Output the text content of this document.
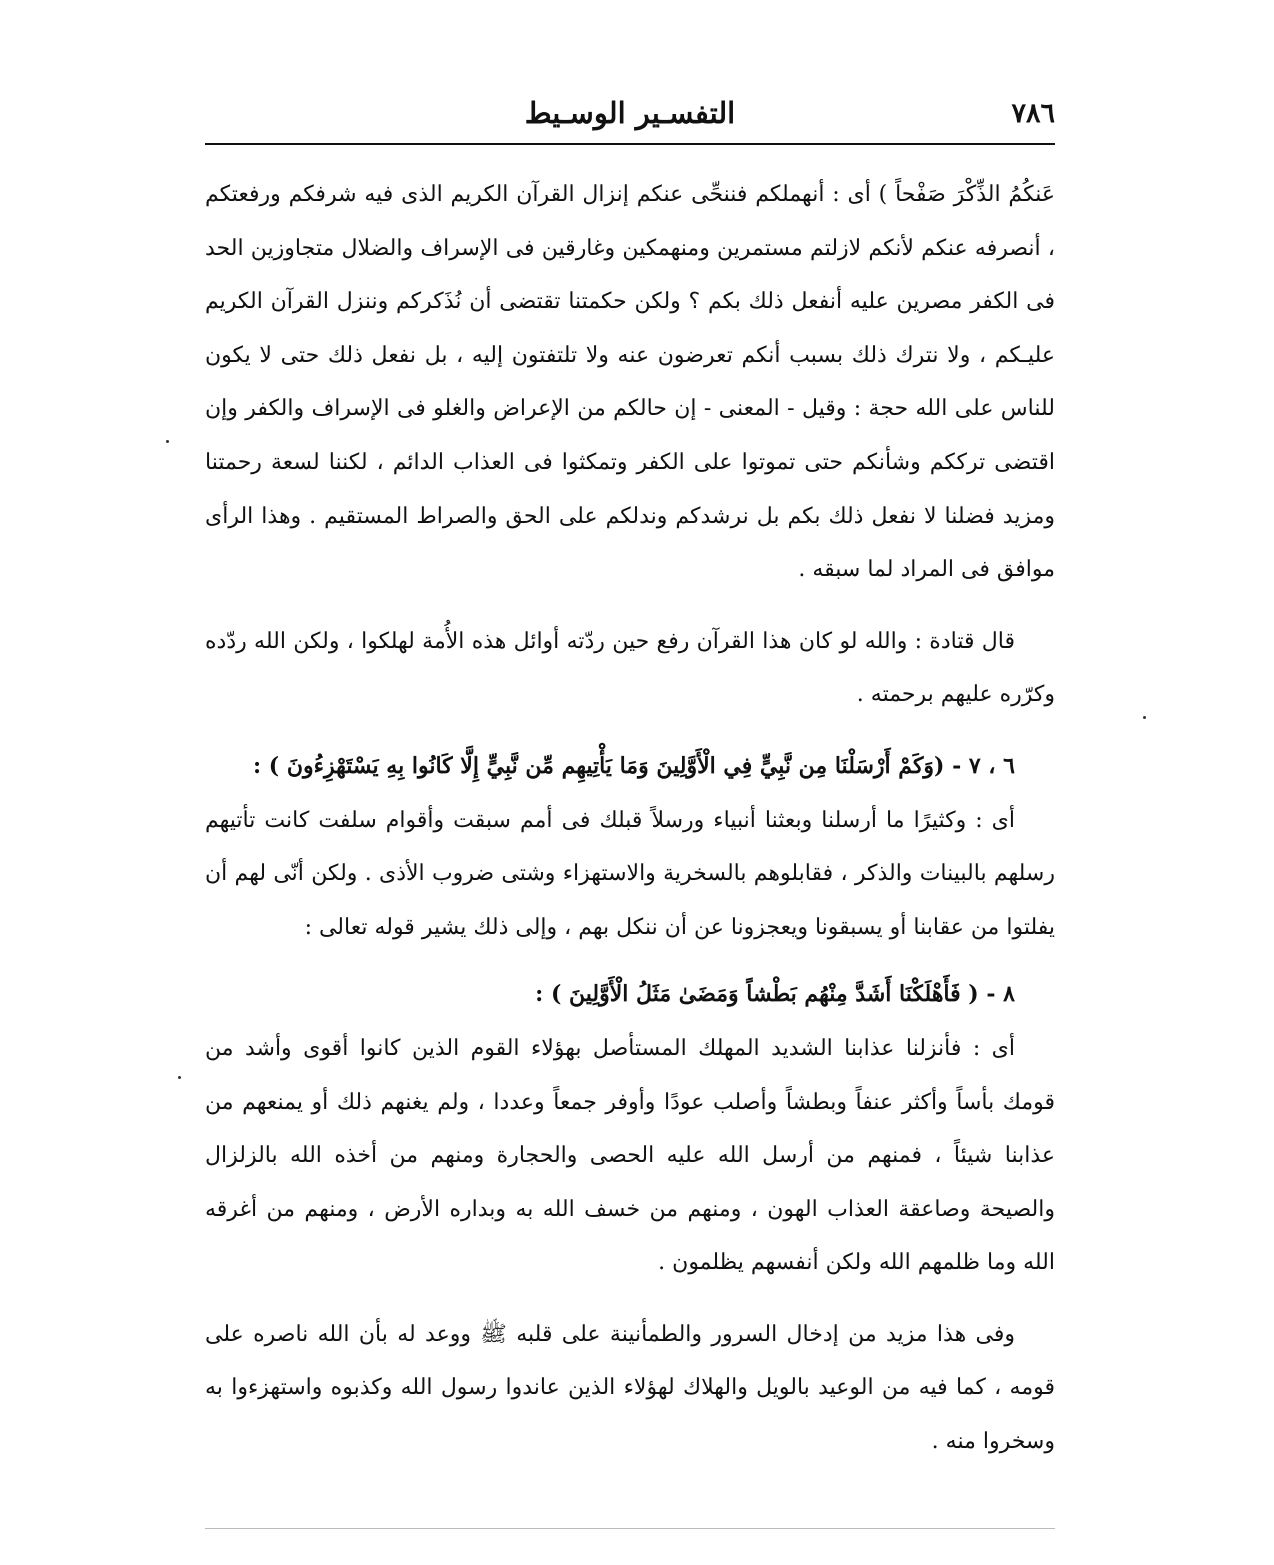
٧٨٦
التفسـير الوسـيط

عَنكُمُ الذِّكْرَ صَفْحاً ) أى : أنهملكم فننحِّى عنكم إنزال القرآن الكريم الذى فيه شرفكم ورفعتكم ، أنصرفه عنكم لأنكم لازلتم مستمرين ومنهمكين وغارقين فى الإسراف والضلال متجاوزين الحد فى الكفر مصرين عليه أنفعل ذلك بكم ؟ ولكن حكمتنا تقتضى أن نُذَكركم وننزل القرآن الكريم عليـكم ، ولا نترك ذلك بسبب أنكم تعرضون عنه ولا تلتفتون إليه ، بل نفعل ذلك حتى لا يكون للناس على الله حجة : وقيل - المعنى - إن حالكم من الإعراض والغلو فى الإسراف والكفر وإن اقتضى ترككم وشأنكم حتى تموتوا على الكفر وتمكثوا فى العذاب الدائم ، لكننا لسعة رحمتنا ومزيد فضلنا لا نفعل ذلك بكم بل نرشدكم وندلكم على الحق والصراط المستقيم . وهذا الرأى موافق فى المراد لما سبقه .

قال قتادة : والله لو كان هذا القرآن رفع حين ردّته أوائل هذه الأُمة لهلكوا ، ولكن الله ردّده وكرّره عليهم برحمته .

٦ ، ٧ - (وَكَمْ أَرْسَلْنَا مِن نَّبِيٍّ فِي الْأَوَّلِينَ وَمَا يَأْتِيهِم مِّن نَّبِيٍّ إِلَّا كَانُوا بِهِ يَسْتَهْزِءُونَ ) :

أى : وكثيرًا ما أرسلنا وبعثنا أنبياء ورسلاً قبلك فى أمم سبقت وأقوام سلفت كانت تأتيهم رسلهم بالبينات والذكر ، فقابلوهم بالسخرية والاستهزاء وشتى ضروب الأذى . ولكن أنّى لهم أن يفلتوا من عقابنا أو يسبقونا ويعجزونا عن أن ننكل بهم ، وإلى ذلك يشير قوله تعالى :

٨ - ( فَأَهْلَكْنَا أَشَدَّ مِنْهُم بَطْشاً وَمَضَىٰ مَثَلُ الْأَوَّلِينَ ) :

أى : فأنزلنا عذابنا الشديد المهلك المستأصل بهؤلاء القوم الذين كانوا أقوى وأشد من قومك بأساً وأكثر عنفاً وبطشاً وأصلب عودًا وأوفر جمعاً وعددا ، ولم يغنهم ذلك أو يمنعهم من عذابنا شيئاً ، فمنهم من أرسل الله عليه الحصى والحجارة ومنهم من أخذه الله بالزلزال والصيحة وصاعقة العذاب الهون ، ومنهم من خسف الله به وبداره الأرض ، ومنهم من أغرقه الله وما ظلمهم الله ولكن أنفسهم يظلمون .

وفى هذا مزيد من إدخال السرور والطمأنينة على قلبه ﷺ ووعد له بأن الله ناصره على قومه ، كما فيه من الوعيد بالويل والهلاك لهؤلاء الذين عاندوا رسول الله وكذبوه واستهزءوا به وسخروا منه .
